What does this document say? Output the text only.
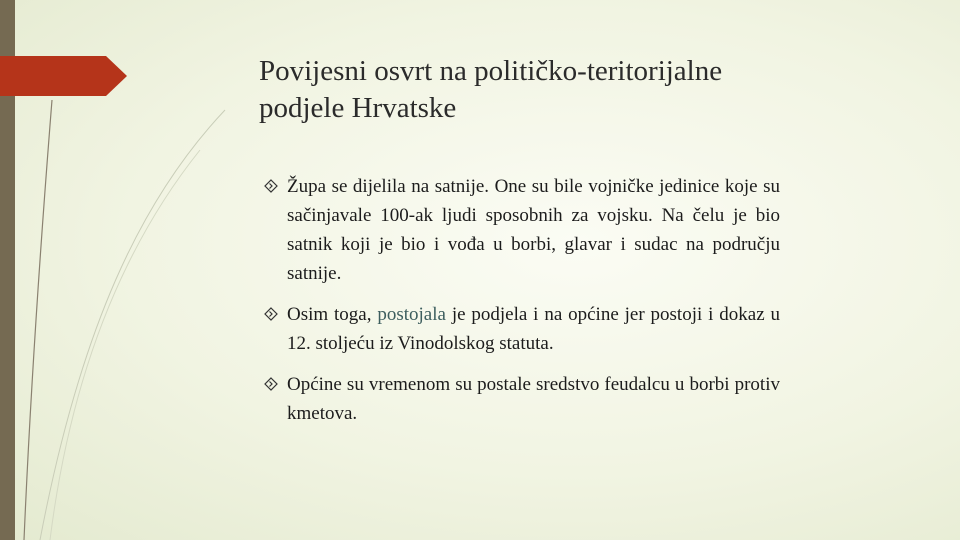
Povijesni osvrt na političko-teritorijalne
podjele Hrvatske
Župa se dijelila na satnije. One su bile vojničke jedinice koje su sačinjavale 100-ak ljudi sposobnih za vojsku. Na čelu je bio satnik koji je bio i vođa u borbi, glavar i sudac na području satnije.
Osim toga, postojala je podjela i na općine jer postoji i dokaz u 12. stoljeću iz Vinodolskog statuta.
Općine su vremenom su postale sredstvo feudalcu u borbi protiv kmetova.
